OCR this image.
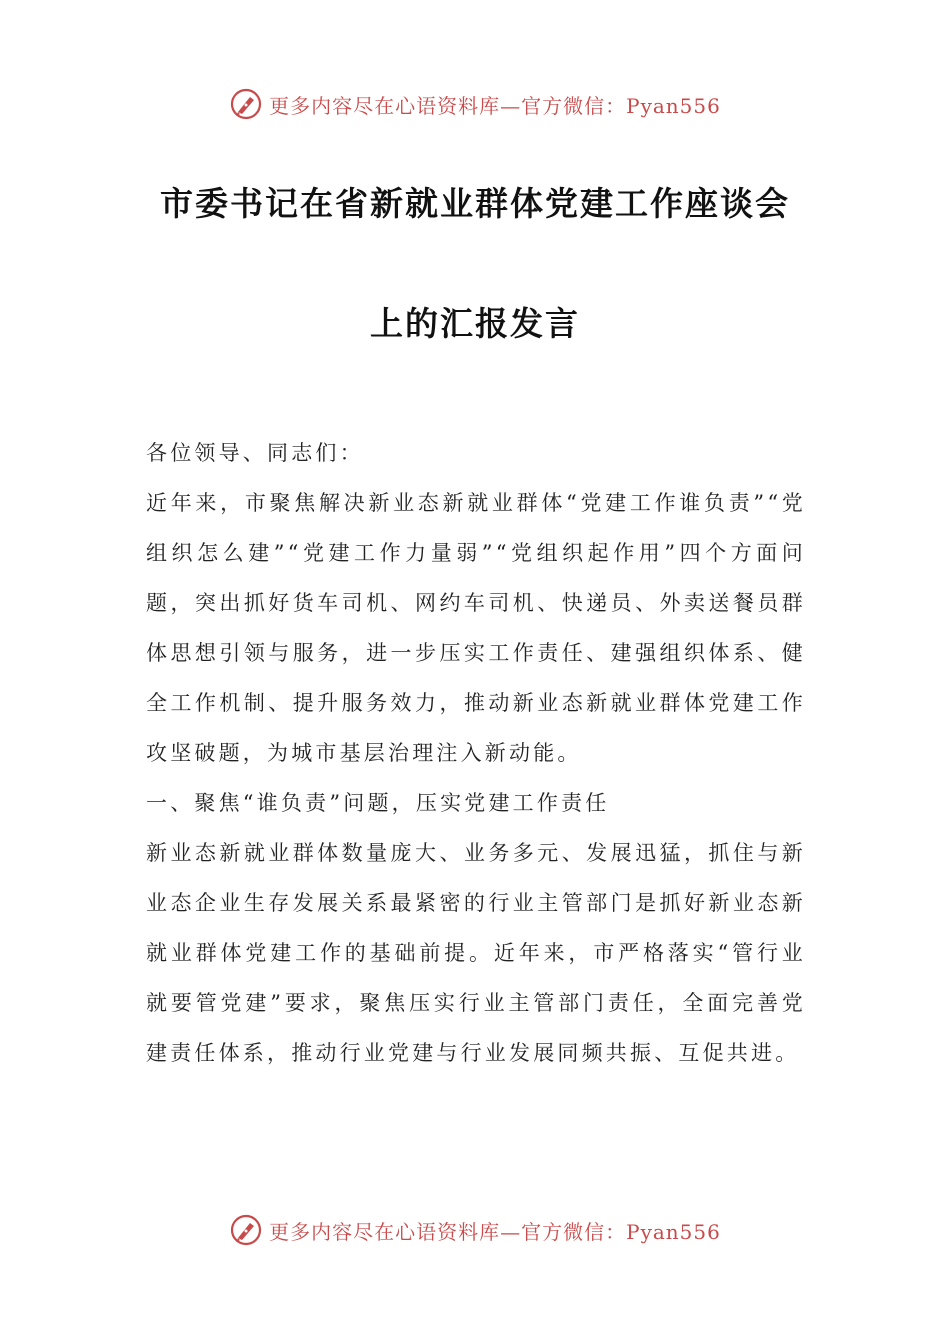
更多内容尽在心语资料库—官方微信：Pyan556
市委书记在省新就业群体党建工作座谈会
上的汇报发言

各位领导、同志们：

近年来，市聚焦解决新业态新就业群体“党建工作谁负责”“党组织怎么建”“党建工作力量弱”“党组织起作用”四个方面问题，突出抓好货车司机、网约车司机、快递员、外卖送餐员群体思想引领与服务，进一步压实工作责任、建强组织体系、健全工作机制、提升服务效力，推动新业态新就业群体党建工作攻坚破题，为城市基层治理注入新动能。

一、聚焦“谁负责”问题，压实党建工作责任

新业态新就业群体数量庞大、业务多元、发展迅猛，抓住与新业态企业生存发展关系最紧密的行业主管部门是抓好新业态新就业群体党建工作的基础前提。近年来，市严格落实“管行业就要管党建”要求，聚焦压实行业主管部门责任，全面完善党建责任体系，推动行业党建与行业发展同频共振、互促共进。

更多内容尽在心语资料库—官方微信：Pyan556
